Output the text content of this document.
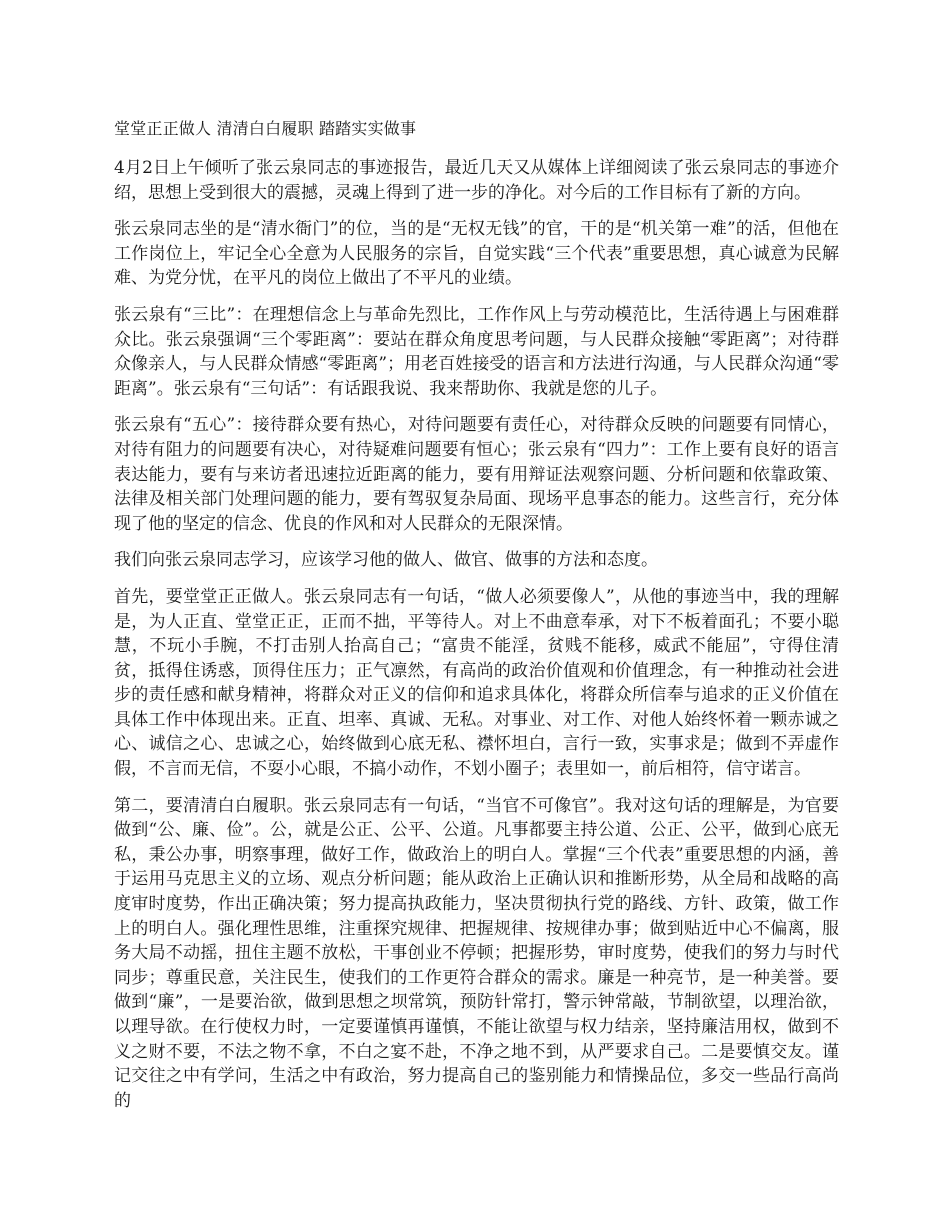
堂堂正正做人 清清白白履职 踏踏实实做事

4月2日上午倾听了张云泉同志的事迹报告，最近几天又从媒体上详细阅读了张云泉同志的事迹介绍，思想上受到很大的震撼，灵魂上得到了进一步的净化。对今后的工作目标有了新的方向。

张云泉同志坐的是“清水衙门”的位，当的是“无权无钱”的官，干的是“机关第一难”的活，但他在工作岗位上，牢记全心全意为人民服务的宗旨，自觉实践“三个代表”重要思想，真心诚意为民解难、为党分忧，在平凡的岗位上做出了不平凡的业绩。

张云泉有“三比”：在理想信念上与革命先烈比，工作作风上与劳动模范比，生活待遇上与困难群众比。张云泉强调“三个零距离”：要站在群众角度思考问题，与人民群众接触“零距离”；对待群众像亲人，与人民群众情感“零距离”；用老百姓接受的语言和方法进行沟通，与人民群众沟通“零距离”。张云泉有“三句话”：有话跟我说、我来帮助你、我就是您的儿子。

张云泉有“五心”：接待群众要有热心，对待问题要有责任心，对待群众反映的问题要有同情心，对待有阻力的问题要有决心，对待疑难问题要有恒心；张云泉有“四力”：工作上要有良好的语言表达能力，要有与来访者迅速拉近距离的能力，要有用辩证法观察问题、分析问题和依靠政策、法律及相关部门处理问题的能力，要有驾驭复杂局面、现场平息事态的能力。这些言行，充分体现了他的坚定的信念、优良的作风和对人民群众的无限深情。

我们向张云泉同志学习，应该学习他的做人、做官、做事的方法和态度。

首先，要堂堂正正做人。张云泉同志有一句话，“做人必须要像人”，从他的事迹当中，我的理解是，为人正直、堂堂正正，正而不拙，平等待人。对上不曲意奉承，对下不板着面孔；不要小聪慧，不玩小手腕，不打击别人抬高自己；“富贵不能淫，贫贱不能移，威武不能屈”，守得住清贫，抵得住诱惑，顶得住压力；正气凛然，有高尚的政治价值观和价值理念，有一种推动社会进步的责任感和献身精神，将群众对正义的信仰和追求具体化，将群众所信奉与追求的正义价值在具体工作中体现出来。正直、坦率、真诚、无私。对事业、对工作、对他人始终怀着一颗赤诚之心、诚信之心、忠诚之心，始终做到心底无私、襟怀坦白，言行一致，实事求是；做到不弄虚作假，不言而无信，不耍小心眼，不搞小动作，不划小圈子；表里如一，前后相符，信守诺言。

第二，要清清白白履职。张云泉同志有一句话，“当官不可像官”。我对这句话的理解是，为官要做到“公、廉、俭”。公，就是公正、公平、公道。凡事都要主持公道、公正、公平，做到心底无私，秉公办事，明察事理，做好工作，做政治上的明白人。掌握“三个代表”重要思想的内涵，善于运用马克思主义的立场、观点分析问题；能从政治上正确认识和推断形势，从全局和战略的高度审时度势，作出正确决策；努力提高执政能力，坚决贯彻执行党的路线、方针、政策，做工作上的明白人。强化理性思维，注重探究规律、把握规律、按规律办事；做到贴近中心不偏离，服务大局不动摇，扭住主题不放松，干事创业不停顿；把握形势，审时度势，使我们的努力与时代同步；尊重民意，关注民生，使我们的工作更符合群众的需求。廉是一种亮节，是一种美誉。要做到“廉”，一是要治欲，做到思想之坝常筑，预防针常打，警示钟常敲，节制欲望，以理治欲，以理导欲。在行使权力时，一定要谨慎再谨慎，不能让欲望与权力结亲，坚持廉洁用权，做到不义之财不要，不法之物不拿，不白之宴不赴，不净之地不到，从严要求自己。二是要慎交友。谨记交往之中有学问，生活之中有政治，努力提高自己的鉴别能力和情操品位，多交一些品行高尚的
